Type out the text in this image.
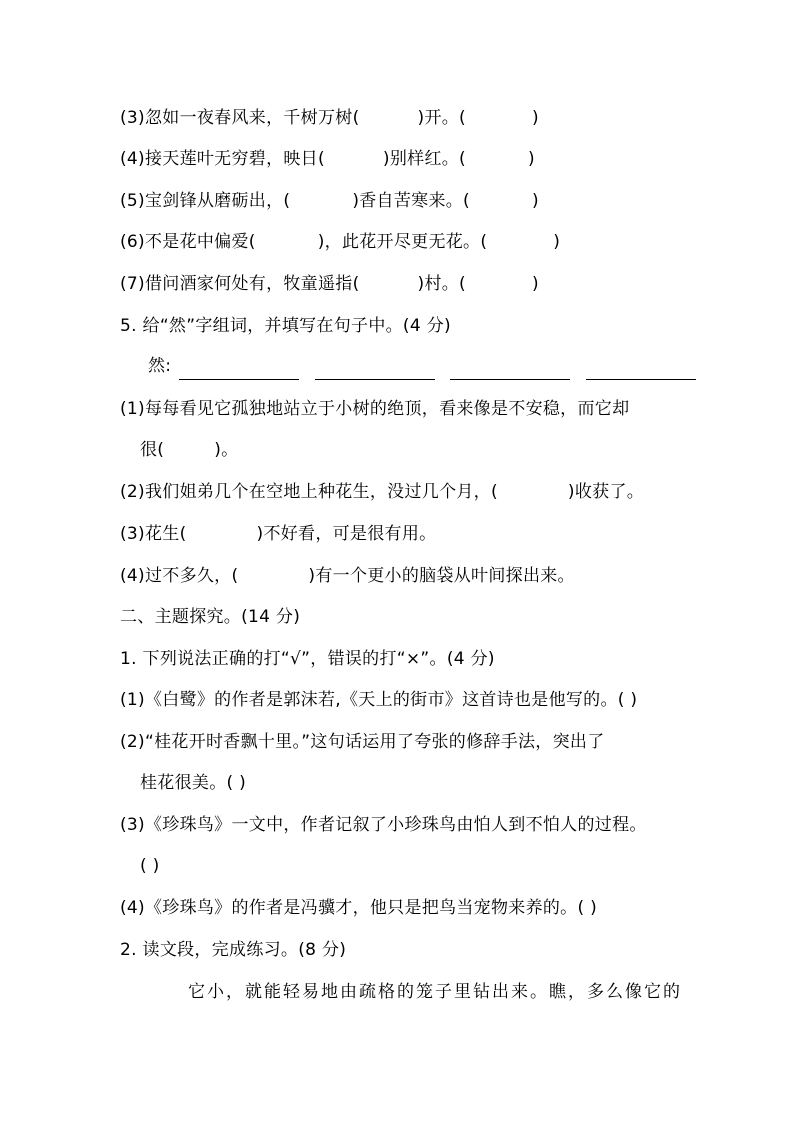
(3)忽如一夜春风来，千树万树(	)开。(	)
(4)接天莲叶无穷碧，映日(	)别样红。(	)
(5)宝剑锋从磨砺出，(	)香自苦寒来。(	)
(6)不是花中偏爱(	)，此花开尽更无花。(	)
(7)借问酒家何处有，牧童遥指(	)村。(	)
5. 给“然”字组词，并填写在句子中。(4 分)
然:
(1)每每看见它孤独地站立于小树的绝顶，看来像是不安稳，而它却
很(	)。
(2)我们姐弟几个在空地上种花生，没过几个月，(	)收获了。
(3)花生(	)不好看，可是很有用。
(4)过不多久，(	)有一个更小的脑袋从叶间探出来。
二、主题探究。(14 分)
1. 下列说法正确的打“√”，错误的打“×”。(4 分)
(1)《白鹭》的作者是郭沫若,《天上的街市》这首诗也是他写的。( )
(2)“桂花开时香飘十里。”这句话运用了夸张的修辞手法，突出了
桂花很美。( )
(3)《珍珠鸟》一文中，作者记叙了小珍珠鸟由怕人到不怕人的过程。
( )
(4)《珍珠鸟》的作者是冯骥才，他只是把鸟当宠物来养的。( )
2. 读文段，完成练习。(8 分)
它小，就能轻易地由疏格的笼子里钻出来。瞧，多么像它的
